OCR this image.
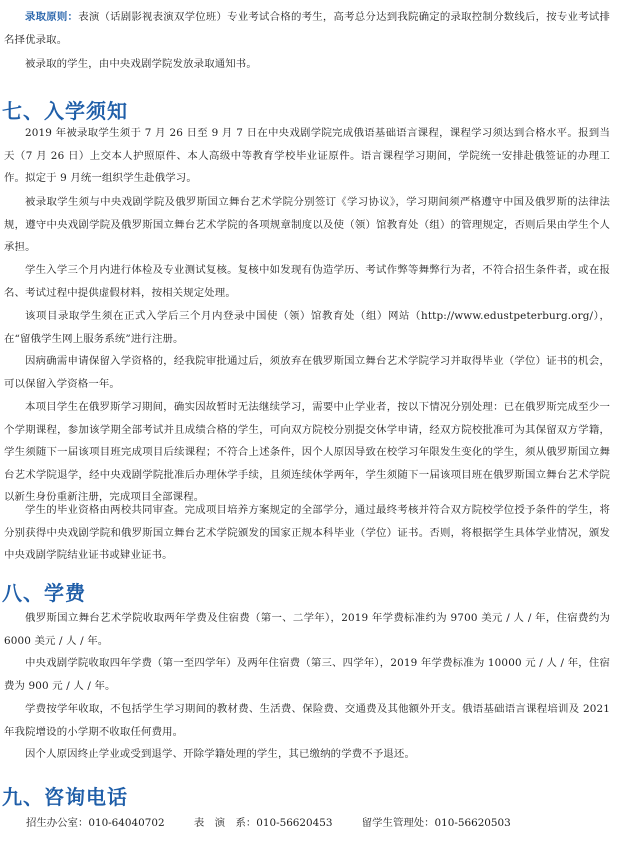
录取原则：表演（话剧影视表演双学位班）专业考试合格的考生，高考总分达到我院确定的录取控制分数线后，按专业考试排名择优录取。

被录取的学生，由中央戏剧学院发放录取通知书。

七、入学须知

2019 年被录取学生须于 7 月 26 日至 9 月 7 日在中央戏剧学院完成俄语基础语言课程，课程学习须达到合格水平。报到当天（7 月 26 日）上交本人护照原件、本人高级中等教育学校毕业证原件。语言课程学习期间，学院统一安排赴俄签证的办理工作。拟定于 9 月统一组织学生赴俄学习。

被录取学生须与中央戏剧学院及俄罗斯国立舞台艺术学院分别签订《学习协议》，学习期间须严格遵守中国及俄罗斯的法律法规，遵守中央戏剧学院及俄罗斯国立舞台艺术学院的各项规章制度以及使（领）馆教育处（组）的管理规定，否则后果由学生个人承担。

学生入学三个月内进行体检及专业测试复核。复核中如发现有伪造学历、考试作弊等舞弊行为者，不符合招生条件者，或在报名、考试过程中提供虚假材料，按相关规定处理。

该项目录取学生须在正式入学后三个月内登录中国使（领）馆教育处（组）网站（http://www.edustpeterburg.org/），在“留俄学生网上服务系统”进行注册。

因病确需申请保留入学资格的，经我院审批通过后，须放弃在俄罗斯国立舞台艺术学院学习并取得毕业（学位）证书的机会，可以保留入学资格一年。

本项目学生在俄罗斯学习期间，确实因故暂时无法继续学习，需要中止学业者，按以下情况分别处理：已在俄罗斯完成至少一个学期课程，参加该学期全部考试并且成绩合格的学生，可向双方院校分别提交休学申请，经双方院校批准可为其保留双方学籍，学生须随下一届该项目班完成项目后续课程；不符合上述条件，因个人原因导致在校学习年限发生变化的学生，须从俄罗斯国立舞台艺术学院退学，经中央戏剧学院批准后办理休学手续，且须连续休学两年，学生须随下一届该项目班在俄罗斯国立舞台艺术学院以新生身份重新注册，完成项目全部课程。

学生的毕业资格由两校共同审查。完成项目培养方案规定的全部学分，通过最终考核并符合双方院校学位授予条件的学生，将分别获得中央戏剧学院和俄罗斯国立舞台艺术学院颁发的国家正规本科毕业（学位）证书。否则，将根据学生具体学业情况，颁发中央戏剧学院结业证书或肄业证书。

八、学费

俄罗斯国立舞台艺术学院收取两年学费及住宿费（第一、二学年），2019 年学费标准约为 9700 美元 / 人 / 年，住宿费约为 6000 美元 / 人 / 年。

中央戏剧学院收取四年学费（第一至四学年）及两年住宿费（第三、四学年），2019 年学费标准为 10000 元 / 人 / 年，住宿费为 900 元 / 人 / 年。

学费按学年收取，不包括学生学习期间的教材费、生活费、保险费、交通费及其他额外开支。俄语基础语言课程培训及 2021 年我院增设的小学期不收取任何费用。

因个人原因终止学业或受到退学、开除学籍处理的学生，其已缴纳的学费不予退还。

九、咨询电话
招生办公室：010-64040702	表　演　系：010-56620453	留学生管理处：010-56620503
